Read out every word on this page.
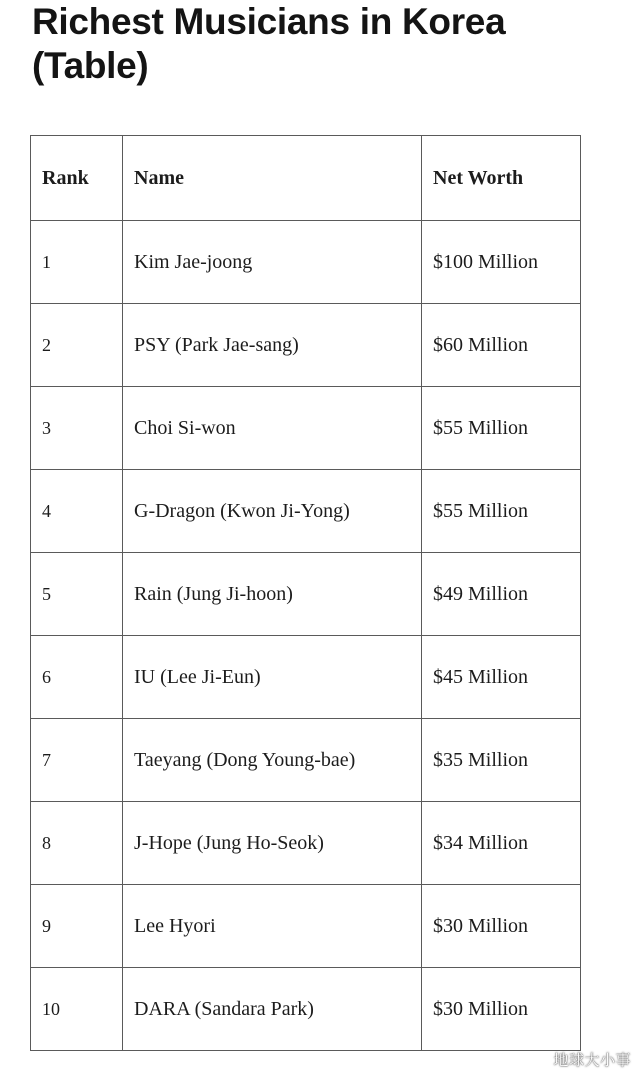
Richest Musicians in Korea (Table)
Rank	Name	Net Worth
1	Kim Jae-joong	$100 Million
2	PSY (Park Jae-sang)	$60 Million
3	Choi Si-won	$55 Million
4	G-Dragon (Kwon Ji-Yong)	$55 Million
5	Rain (Jung Ji-hoon)	$49 Million
6	IU (Lee Ji-Eun)	$45 Million
7	Taeyang (Dong Young-bae)	$35 Million
8	J-Hope (Jung Ho-Seok)	$34 Million
9	Lee Hyori	$30 Million
10	DARA (Sandara Park)	$30 Million
地球大小事
